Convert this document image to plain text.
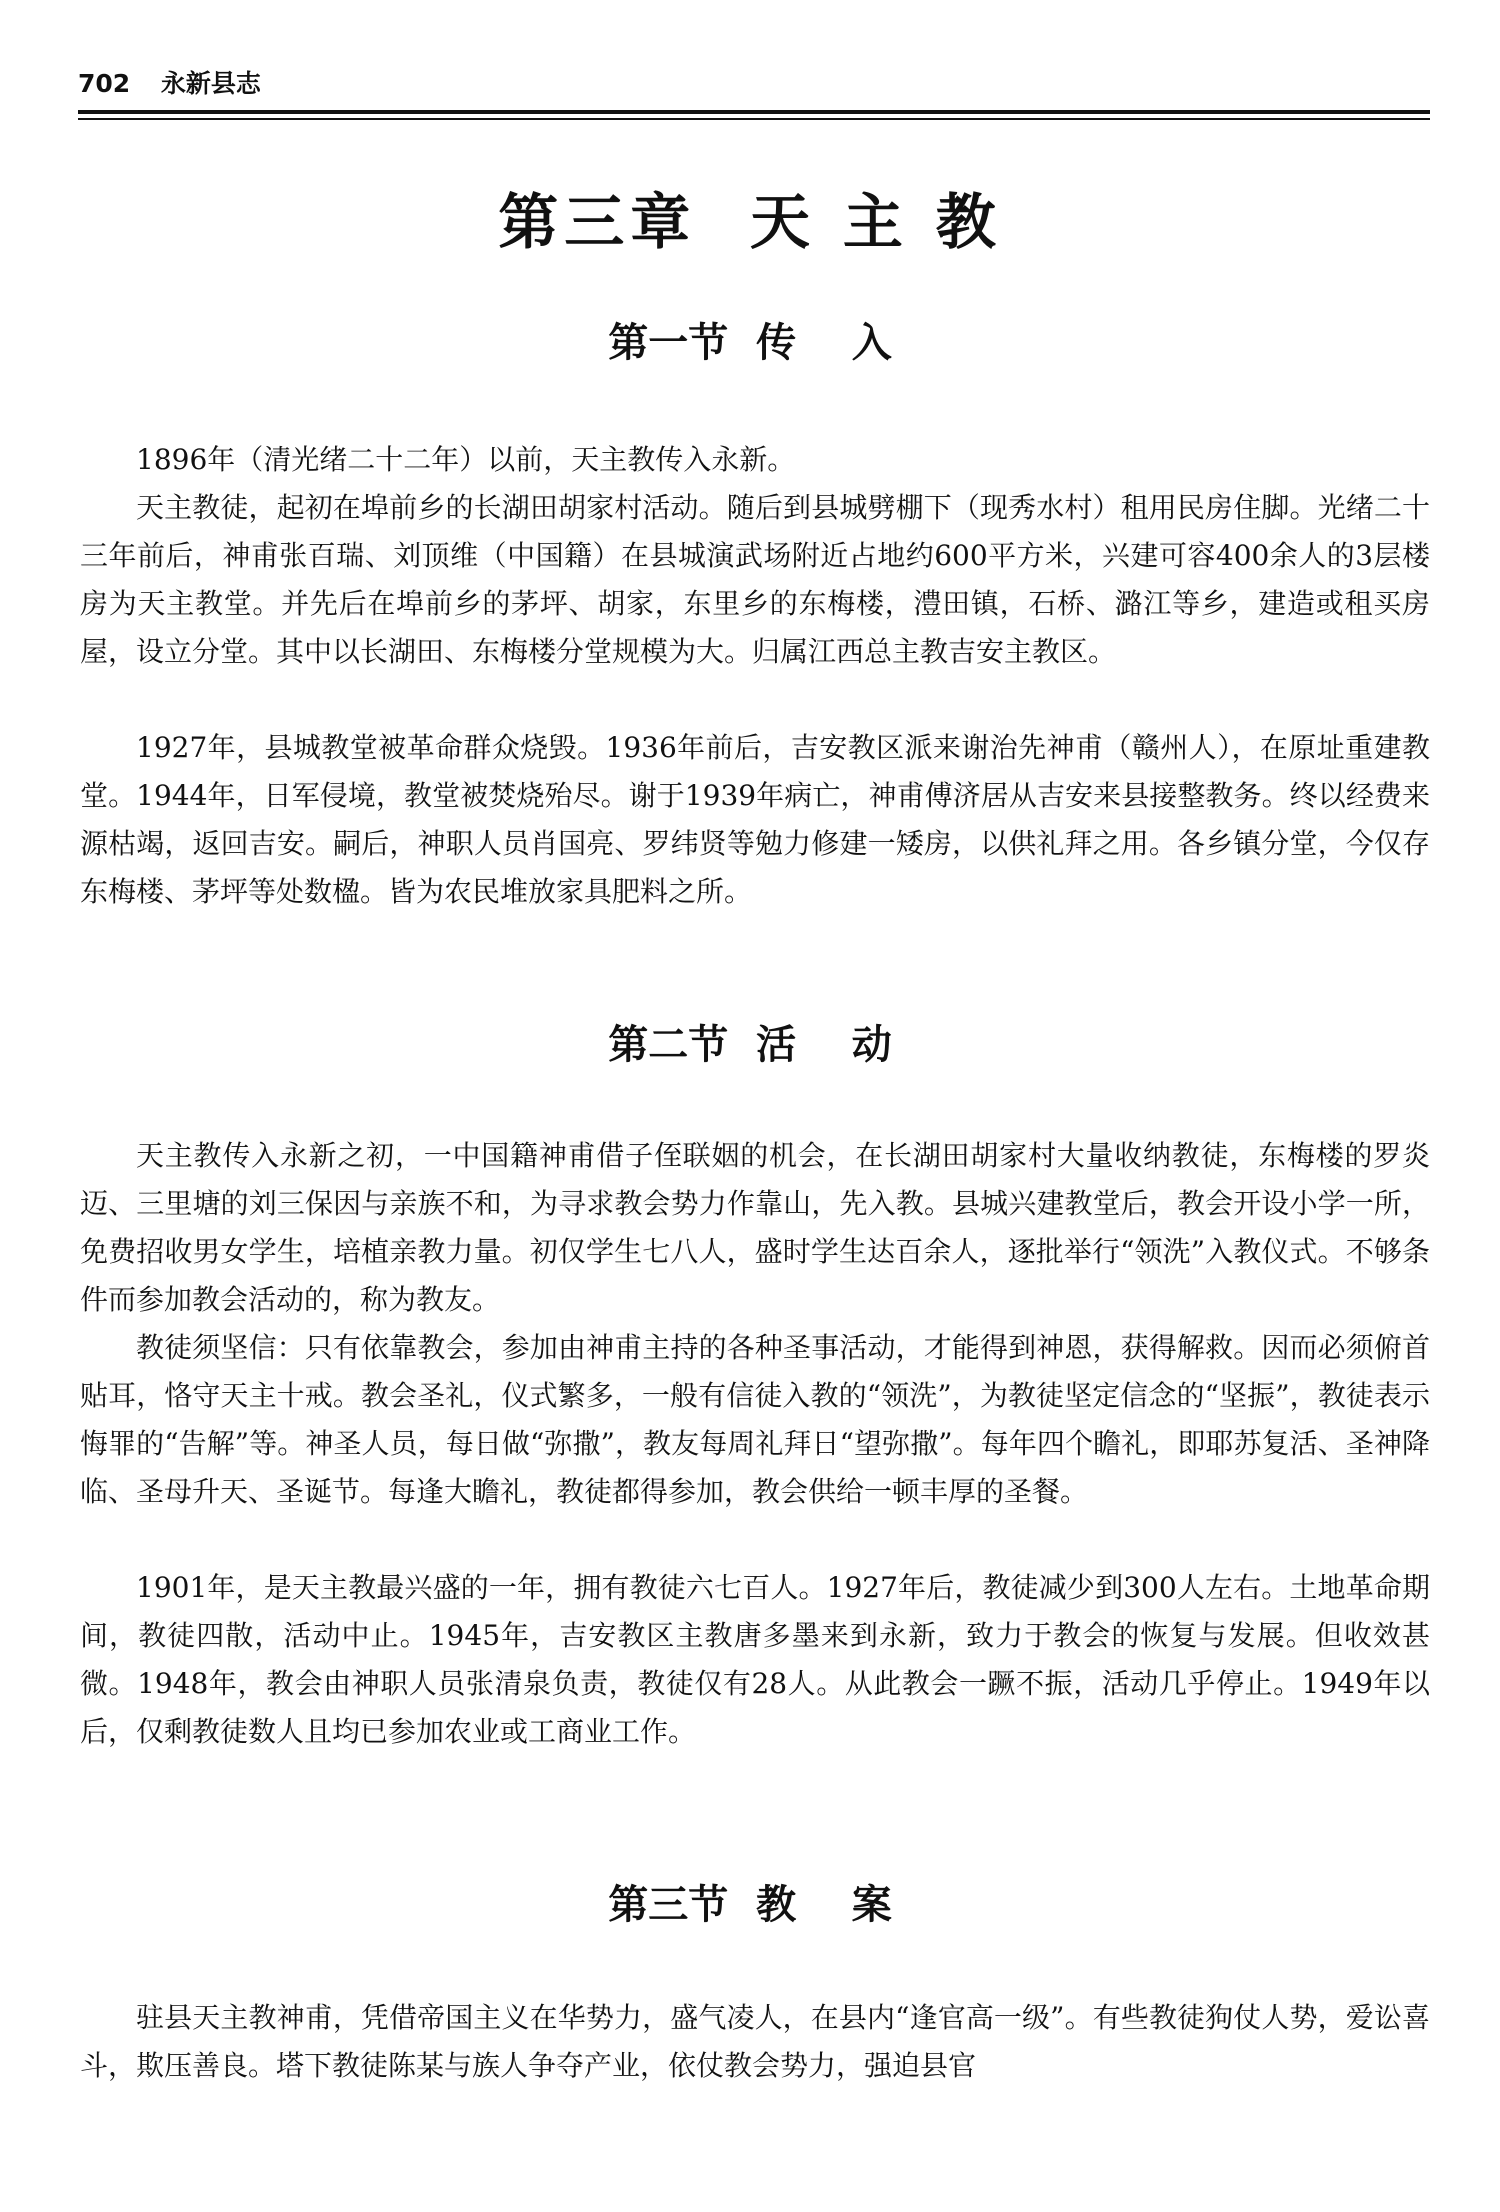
702 永新县志
第三章  天 主 教
第一节  传    入

1896年（清光绪二十二年）以前，天主教传入永新。

天主教徒，起初在埠前乡的长湖田胡家村活动。随后到县城劈棚下（现秀水村）租用民房住脚。光绪二十三年前后，神甫张百瑞、刘顶维（中国籍）在县城演武场附近占地约600平方米，兴建可容400余人的3层楼房为天主教堂。并先后在埠前乡的茅坪、胡家，东里乡的东梅楼，澧田镇，石桥、潞江等乡，建造或租买房屋，设立分堂。其中以长湖田、东梅楼分堂规模为大。归属江西总主教吉安主教区。

1927年，县城教堂被革命群众烧毁。1936年前后，吉安教区派来谢治先神甫（赣州人），在原址重建教堂。1944年，日军侵境，教堂被焚烧殆尽。谢于1939年病亡，神甫傅济居从吉安来县接整教务。终以经费来源枯竭，返回吉安。嗣后，神职人员肖国亮、罗纬贤等勉力修建一矮房，以供礼拜之用。各乡镇分堂，今仅存东梅楼、茅坪等处数楹。皆为农民堆放家具肥料之所。

第二节  活    动

天主教传入永新之初，一中国籍神甫借子侄联姻的机会，在长湖田胡家村大量收纳教徒，东梅楼的罗炎迈、三里塘的刘三保因与亲族不和，为寻求教会势力作靠山，先入教。县城兴建教堂后，教会开设小学一所，免费招收男女学生，培植亲教力量。初仅学生七八人，盛时学生达百余人，逐批举行“领洗”入教仪式。不够条件而参加教会活动的，称为教友。

教徒须坚信：只有依靠教会，参加由神甫主持的各种圣事活动，才能得到神恩，获得解救。因而必须俯首贴耳，恪守天主十戒。教会圣礼，仪式繁多，一般有信徒入教的“领洗”，为教徒坚定信念的“坚振”，教徒表示悔罪的“告解”等。神圣人员，每日做“弥撒”，教友每周礼拜日“望弥撒”。每年四个瞻礼，即耶苏复活、圣神降临、圣母升天、圣诞节。每逢大瞻礼，教徒都得参加，教会供给一顿丰厚的圣餐。

1901年，是天主教最兴盛的一年，拥有教徒六七百人。1927年后，教徒减少到300人左右。土地革命期间，教徒四散，活动中止。1945年，吉安教区主教唐多墨来到永新，致力于教会的恢复与发展。但收效甚微。1948年，教会由神职人员张清泉负责，教徒仅有28人。从此教会一蹶不振，活动几乎停止。1949年以后，仅剩教徒数人且均已参加农业或工商业工作。

第三节  教    案

驻县天主教神甫，凭借帝国主义在华势力，盛气凌人，在县内“逢官高一级”。有些教徒狗仗人势，爱讼喜斗，欺压善良。塔下教徒陈某与族人争夺产业，依仗教会势力，强迫县官
